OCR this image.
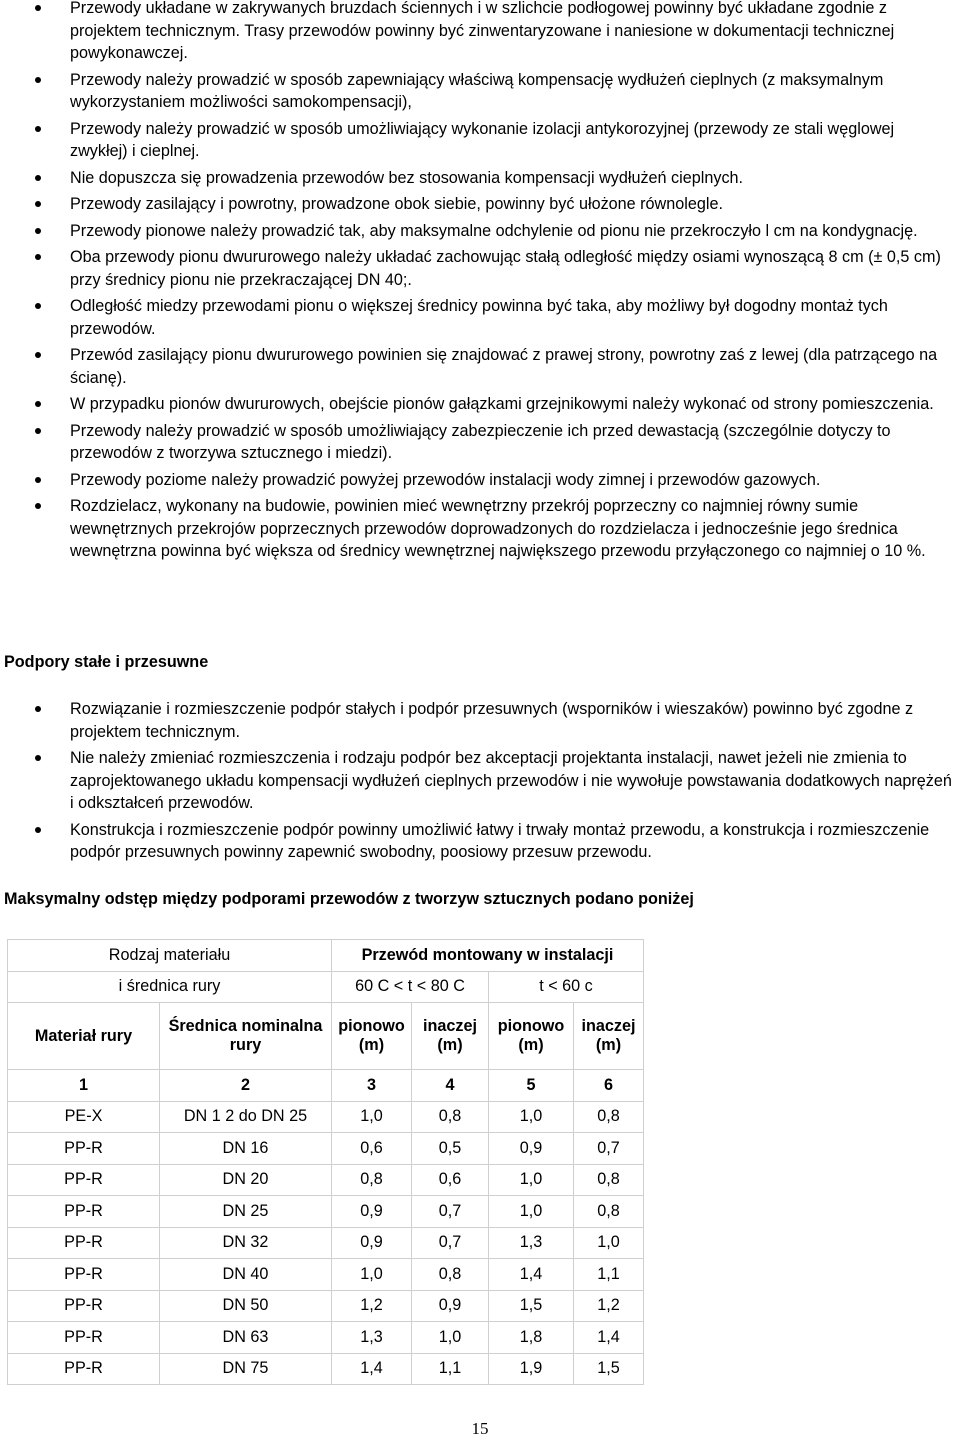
Przewody układane w zakrywanych bruzdach ściennych i w szlichcie podłogowej powinny być układane zgodnie z projektem technicznym. Trasy przewodów powinny być zinwentaryzowane i naniesione w dokumentacji technicznej powykonawczej.
Przewody należy prowadzić w sposób zapewniający właściwą kompensację wydłużeń cieplnych (z maksymalnym wykorzystaniem możliwości samokompensacji),
Przewody należy prowadzić w sposób umożliwiający wykonanie izolacji antykorozyjnej (przewody ze stali węglowej zwykłej) i cieplnej.
Nie dopuszcza się prowadzenia przewodów bez stosowania kompensacji wydłużeń cieplnych.
Przewody zasilający i powrotny, prowadzone obok siebie, powinny być ułożone równolegle.
Przewody pionowe należy prowadzić tak, aby maksymalne odchylenie od pionu nie przekroczyło l cm na kondygnację.
Oba przewody pionu dwururowego należy układać zachowując stałą odległość między osiami wynoszącą 8 cm (± 0,5 cm) przy średnicy pionu nie przekraczającej DN 40;.
Odległość miedzy przewodami pionu o większej średnicy powinna być taka, aby możliwy był dogodny montaż tych przewodów.
Przewód zasilający pionu dwururowego powinien się znajdować z prawej strony, powrotny zaś z lewej (dla patrzącego na ścianę).
W przypadku pionów dwururowych, obejście pionów gałązkami grzejnikowymi należy wykonać od strony pomieszczenia.
Przewody należy prowadzić w sposób umożliwiający zabezpieczenie ich przed dewastacją (szczególnie dotyczy to przewodów z tworzywa sztucznego i miedzi).
Przewody poziome należy prowadzić powyżej przewodów instalacji wody zimnej i przewodów gazowych.
Rozdzielacz, wykonany na budowie, powinien mieć wewnętrzny przekrój poprzeczny co najmniej równy sumie wewnętrznych przekrojów poprzecznych przewodów doprowadzonych do rozdzielacza i jednocześnie jego średnica wewnętrzna powinna być większa od średnicy wewnętrznej największego przewodu przyłączonego co najmniej o 10 %.
Podpory stałe i przesuwne
Rozwiązanie i rozmieszczenie podpór stałych i podpór przesuwnych (wsporników i wieszaków) powinno być zgodne z projektem technicznym.
Nie należy zmieniać rozmieszczenia i rodzaju podpór bez akceptacji projektanta instalacji, nawet jeżeli nie zmienia to zaprojektowanego układu kompensacji wydłużeń cieplnych przewodów i nie wywołuje powstawania dodatkowych naprężeń i odkształceń przewodów.
Konstrukcja i rozmieszczenie podpór powinny umożliwić łatwy i trwały montaż przewodu, a konstrukcja i rozmieszczenie podpór przesuwnych powinny zapewnić swobodny, poosiowy przesuw przewodu.
Maksymalny odstęp między podporami przewodów z tworzyw sztucznych podano poniżej
Rodzaj materiału		Przewód montowany w instalacji			
i średnica rury		60 C < t < 80 C		t < 60 c	
Materiał rury	Średnica nominalna rury	pionowo (m)	inaczej (m)	pionowo (m)	inaczej (m)
1	2	3	4	5	6
PE-X	DN 1 2 do DN 25	1,0	0,8	1,0	0,8
PP-R	DN 16	0,6	0,5	0,9	0,7
PP-R	DN 20	0,8	0,6	1,0	0,8
PP-R	DN 25	0,9	0,7	1,0	0,8
PP-R	DN 32	0,9	0,7	1,3	1,0
PP-R	DN 40	1,0	0,8	1,4	1,1
PP-R	DN 50	1,2	0,9	1,5	1,2
PP-R	DN 63	1,3	1,0	1,8	1,4
PP-R	DN 75	1,4	1,1	1,9	1,5
15
